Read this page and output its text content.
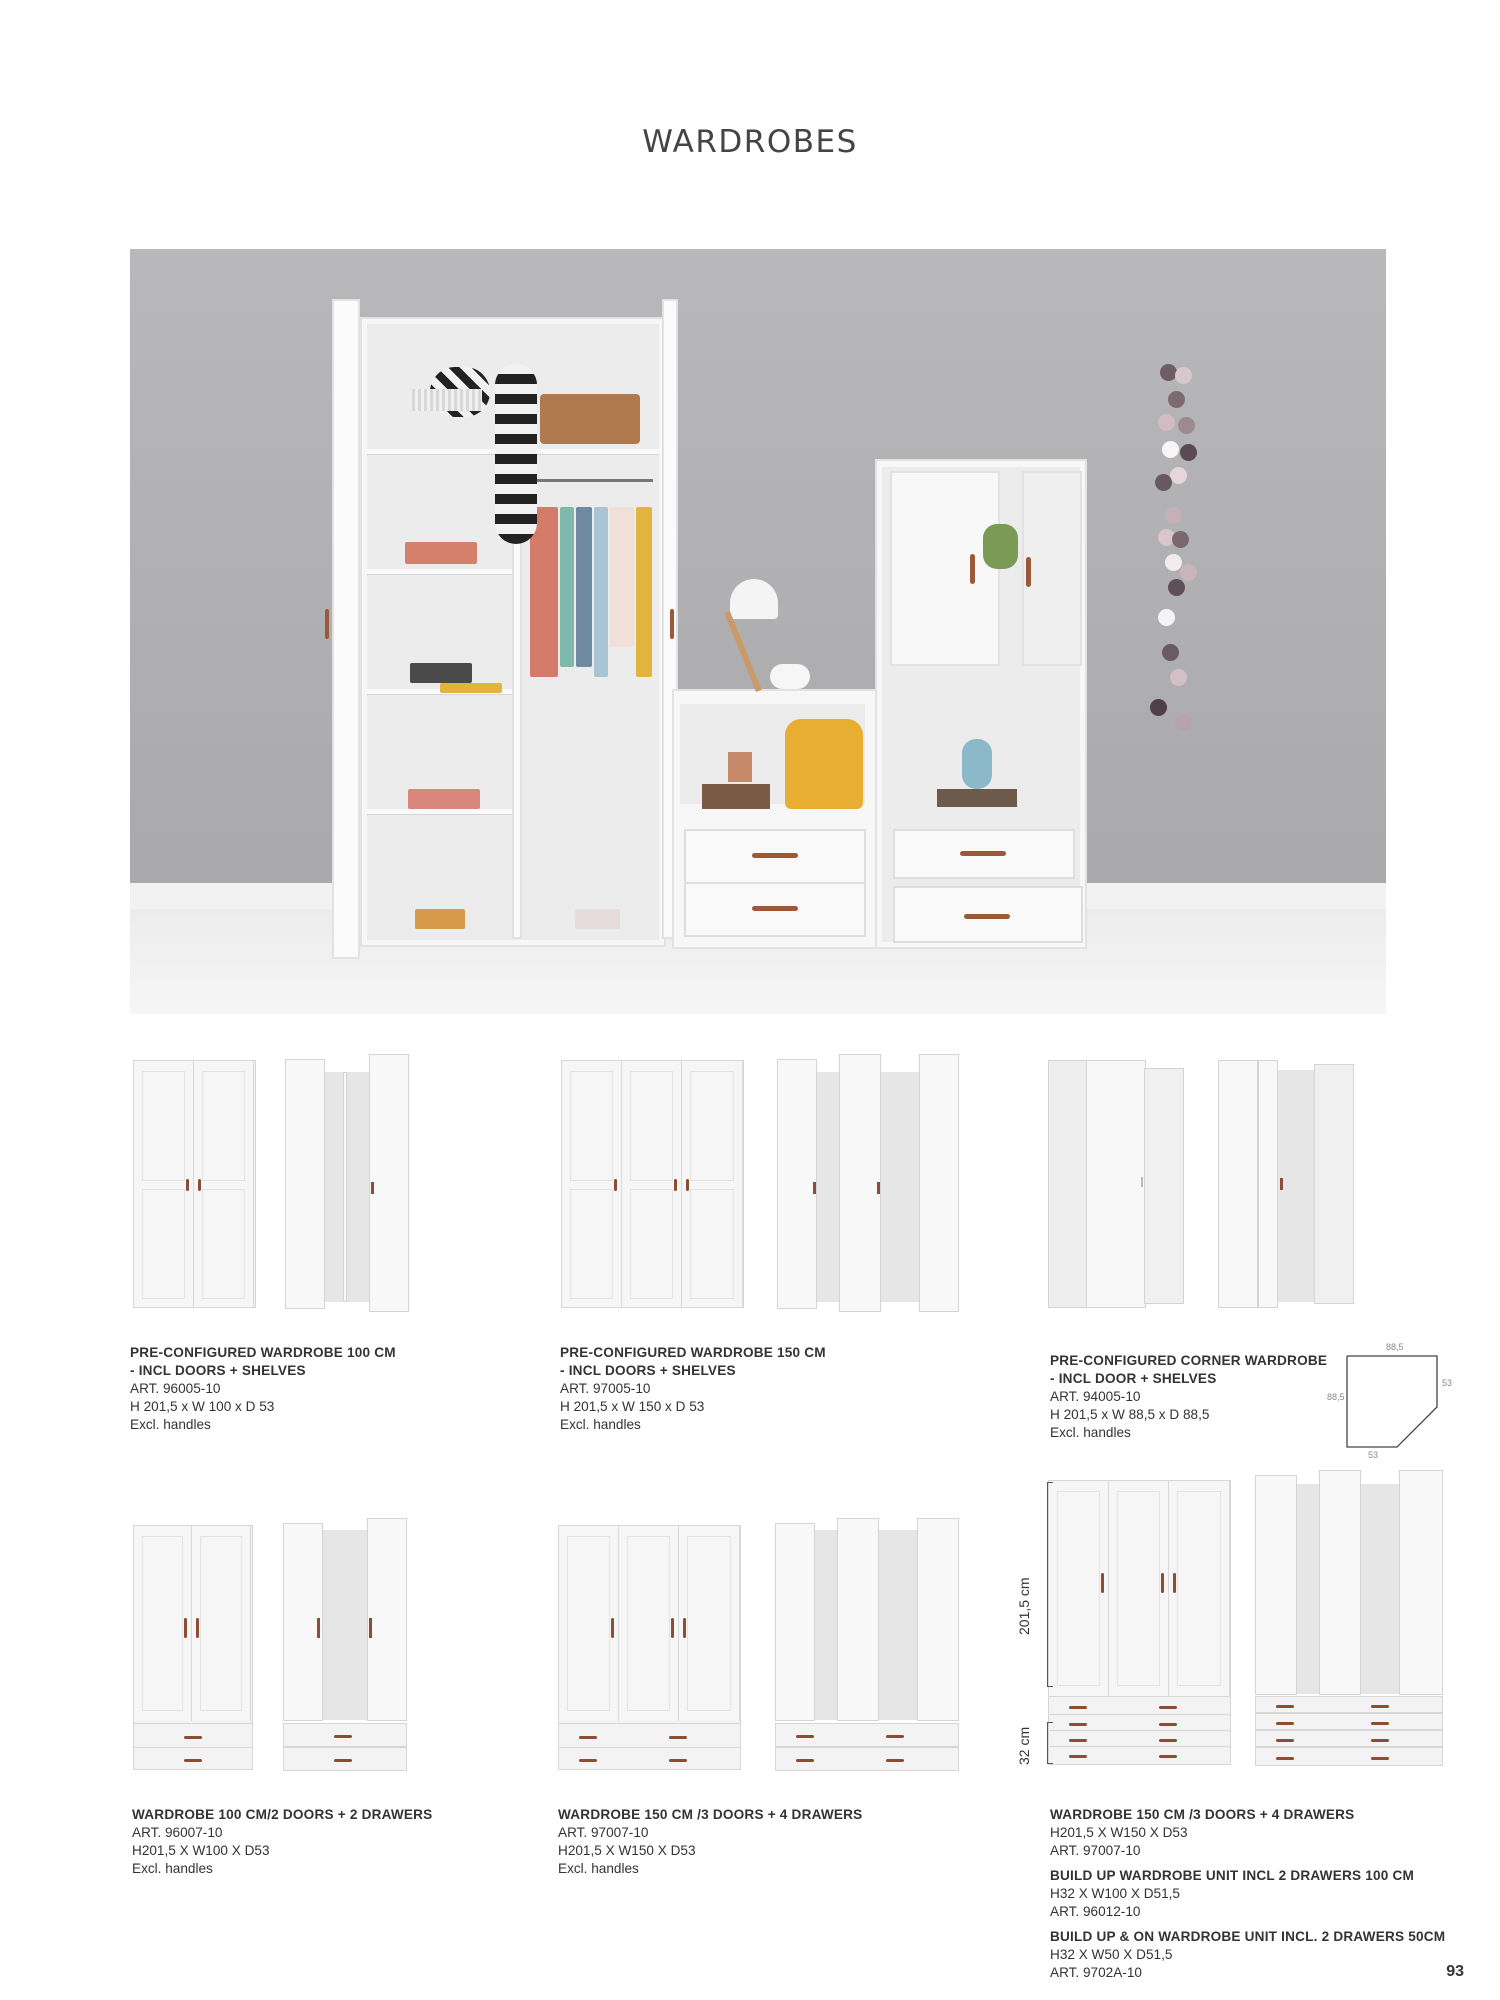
WARDROBES
PRE-CONFIGURED WARDROBE 100 CM
- INCL DOORS + SHELVES
ART. 96005-10
H 201,5 x W 100 x D 53
Excl. handles
PRE-CONFIGURED WARDROBE 150 CM
- INCL DOORS + SHELVES
ART. 97005-10
H 201,5 x W 150 x D 53
Excl. handles
PRE-CONFIGURED CORNER WARDROBE
- INCL DOOR + SHELVES
ART. 94005-10
H 201,5 x W 88,5 x D 88,5
Excl. handles
88,5
88,5
53
53
201,5 cm
32 cm
WARDROBE 100 CM/2 DOORS + 2 DRAWERS
ART. 96007-10
H201,5 X W100 X D53
Excl. handles
WARDROBE 150 CM /3 DOORS + 4 DRAWERS
ART. 97007-10
H201,5 X W150 X D53
Excl. handles
WARDROBE 150 CM /3 DOORS + 4 DRAWERS
H201,5 X W150 X D53
ART. 97007-10
BUILD UP WARDROBE UNIT INCL 2 DRAWERS 100 CM
H32 X W100 X D51,5
ART. 96012-10
BUILD UP & ON WARDROBE UNIT INCL. 2 DRAWERS 50CM
H32 X W50 X D51,5
ART. 9702A-10	93
